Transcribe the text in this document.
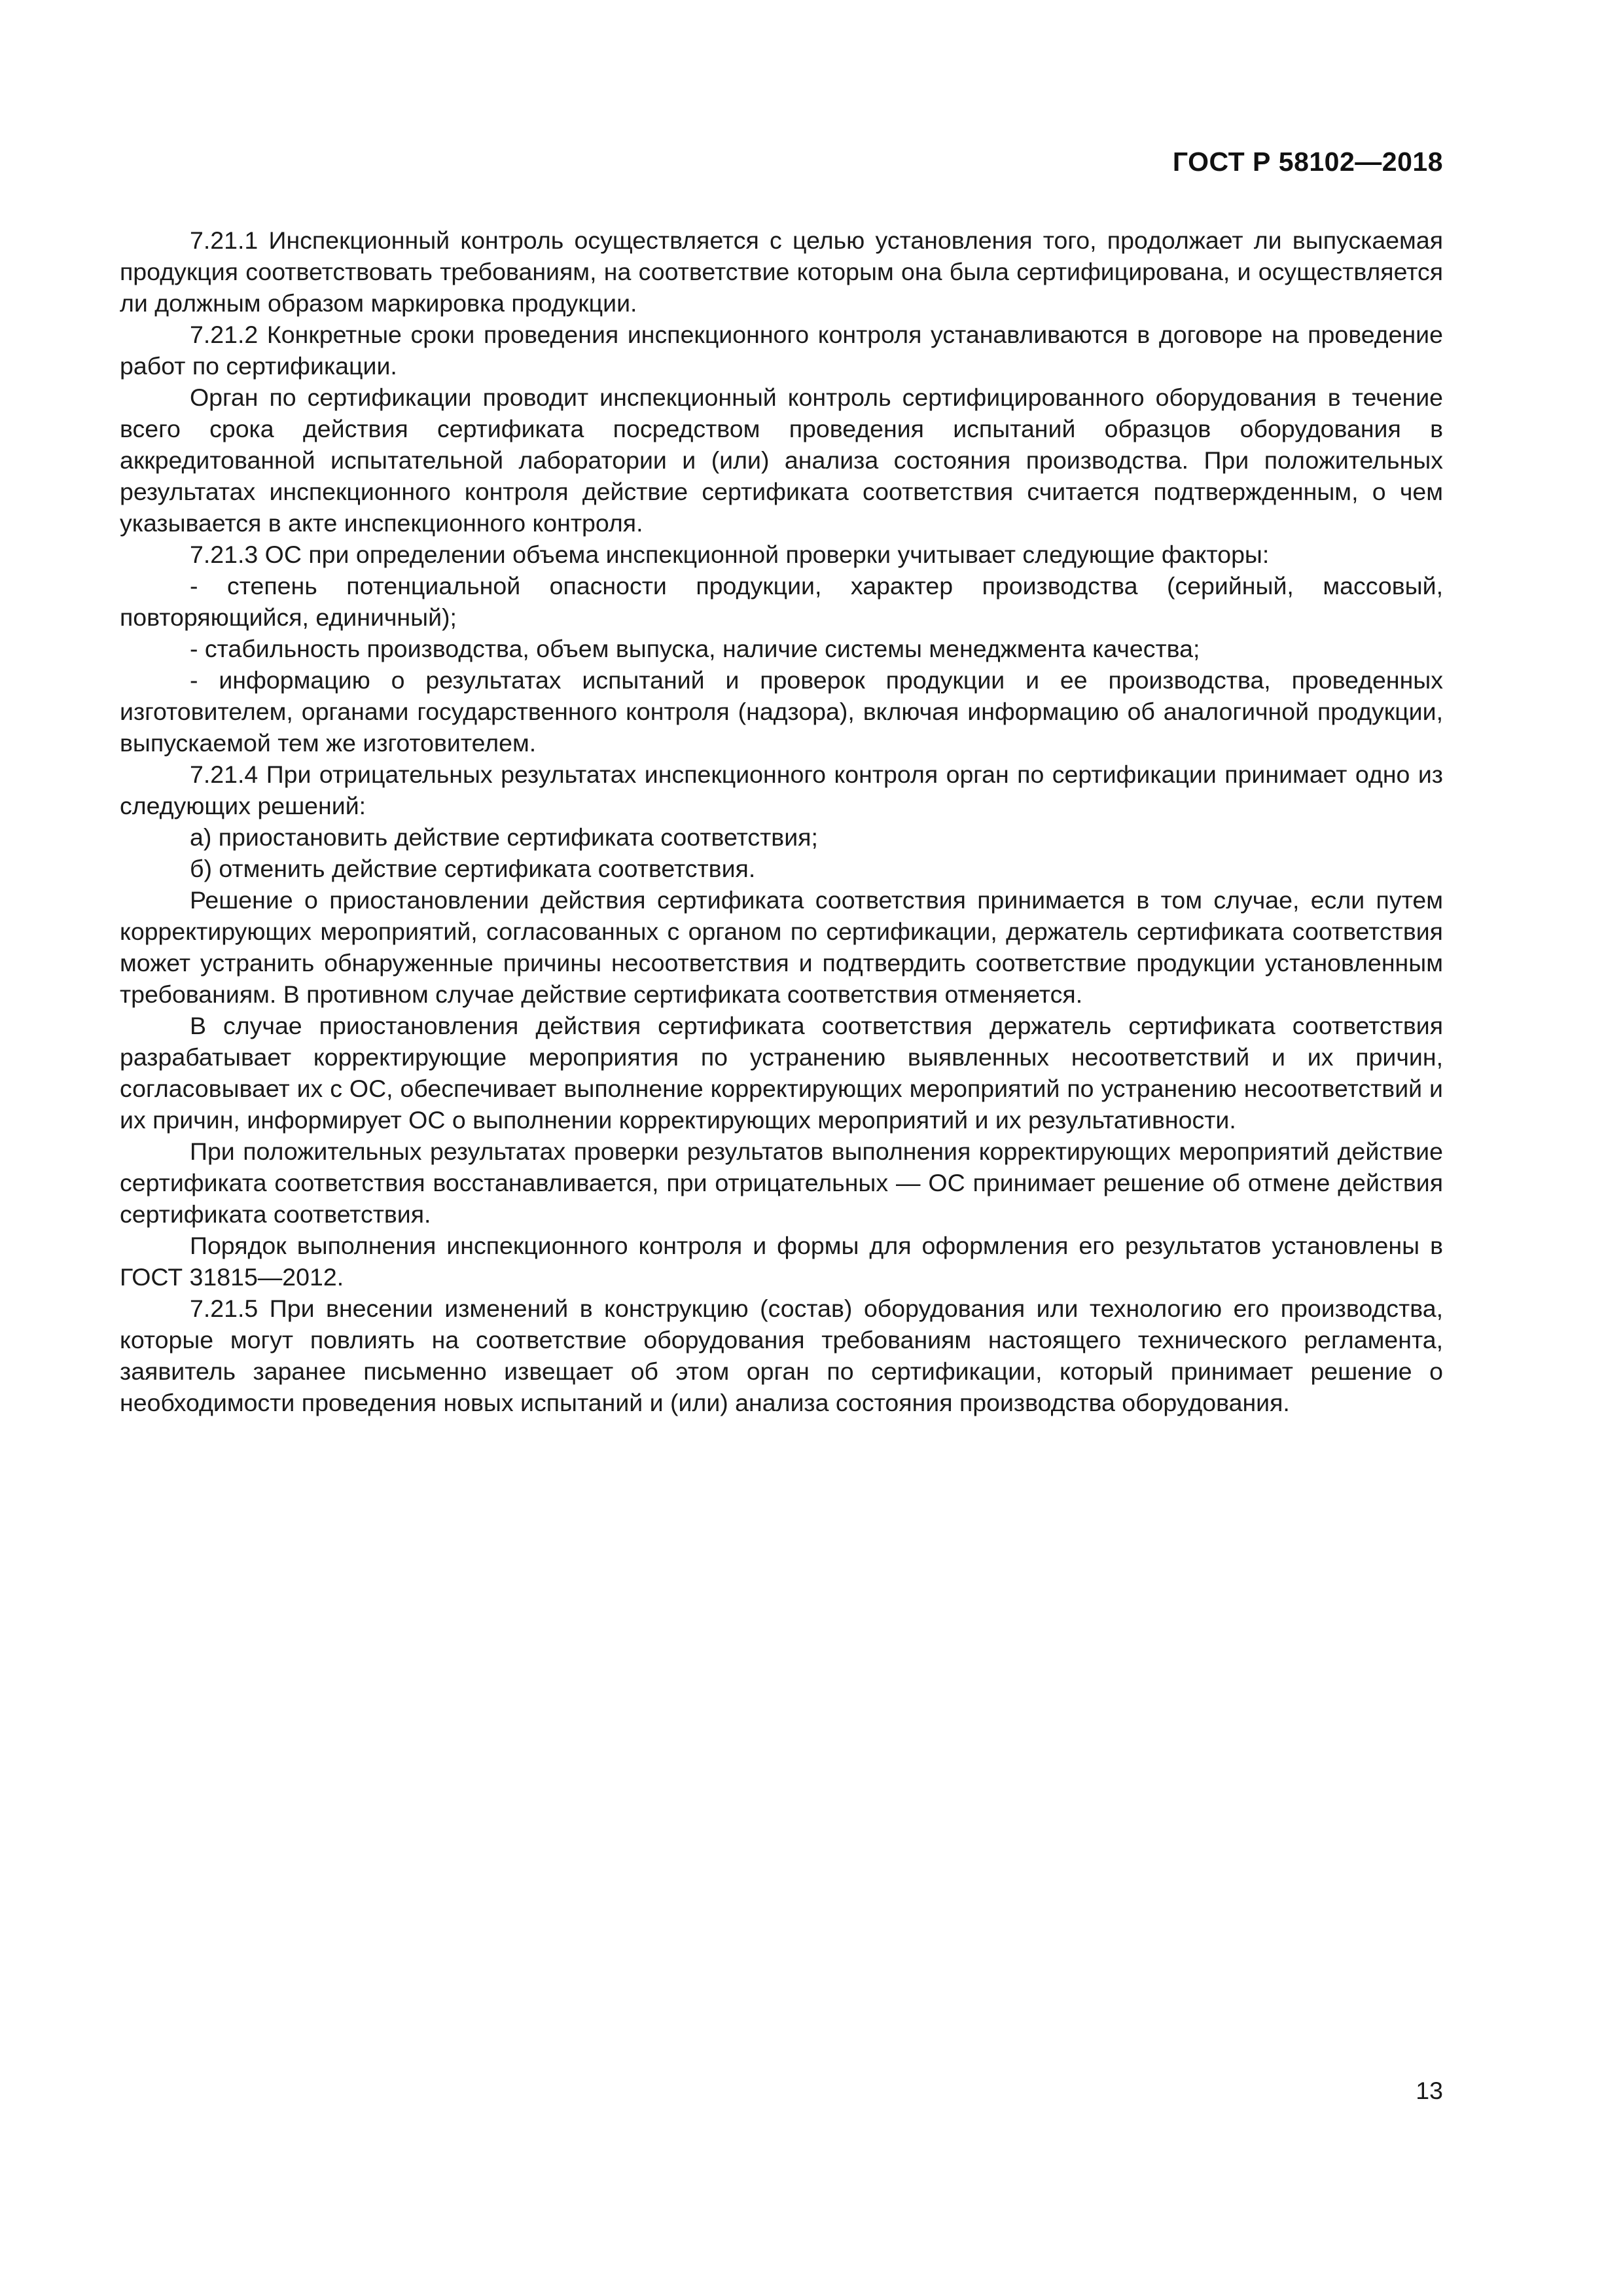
ГОСТ Р 58102—2018

7.21.1 Инспекционный контроль осуществляется с целью установления того, продолжает ли выпускаемая продукция соответствовать требованиям, на соответствие которым она была сертифицирована, и осуществляется ли должным образом маркировка продукции.

7.21.2 Конкретные сроки проведения инспекционного контроля устанавливаются в договоре на проведение работ по сертификации.

Орган по сертификации проводит инспекционный контроль сертифицированного оборудования в течение всего срока действия сертификата посредством проведения испытаний образцов оборудования в аккредитованной испытательной лаборатории и (или) анализа состояния производства. При положительных результатах инспекционного контроля действие сертификата соответствия считается подтвержденным, о чем указывается в акте инспекционного контроля.

7.21.3 ОС при определении объема инспекционной проверки учитывает следующие факторы:

- степень потенциальной опасности продукции, характер производства (серийный, массовый, повторяющийся, единичный);

- стабильность производства, объем выпуска, наличие системы менеджмента качества;

- информацию о результатах испытаний и проверок продукции и ее производства, проведенных изготовителем, органами государственного контроля (надзора), включая информацию об аналогичной продукции, выпускаемой тем же изготовителем.

7.21.4 При отрицательных результатах инспекционного контроля орган по сертификации принимает одно из следующих решений:

а) приостановить действие сертификата соответствия;

б) отменить действие сертификата соответствия.

Решение о приостановлении действия сертификата соответствия принимается в том случае, если путем корректирующих мероприятий, согласованных с органом по сертификации, держатель сертификата соответствия может устранить обнаруженные причины несоответствия и подтвердить соответствие продукции установленным требованиям. В противном случае действие сертификата соответствия отменяется.

В случае приостановления действия сертификата соответствия держатель сертификата соответствия разрабатывает корректирующие мероприятия по устранению выявленных несоответствий и их причин, согласовывает их с ОС, обеспечивает выполнение корректирующих мероприятий по устранению несоответствий и их причин, информирует ОС о выполнении корректирующих мероприятий и их результативности.

При положительных результатах проверки результатов выполнения корректирующих мероприятий действие сертификата соответствия восстанавливается, при отрицательных — ОС принимает решение об отмене действия сертификата соответствия.

Порядок выполнения инспекционного контроля и формы для оформления его результатов установлены в ГОСТ 31815—2012.

7.21.5 При внесении изменений в конструкцию (состав) оборудования или технологию его производства, которые могут повлиять на соответствие оборудования требованиям настоящего технического регламента, заявитель заранее письменно извещает об этом орган по сертификации, который принимает решение о необходимости проведения новых испытаний и (или) анализа состояния производства оборудования.

13
